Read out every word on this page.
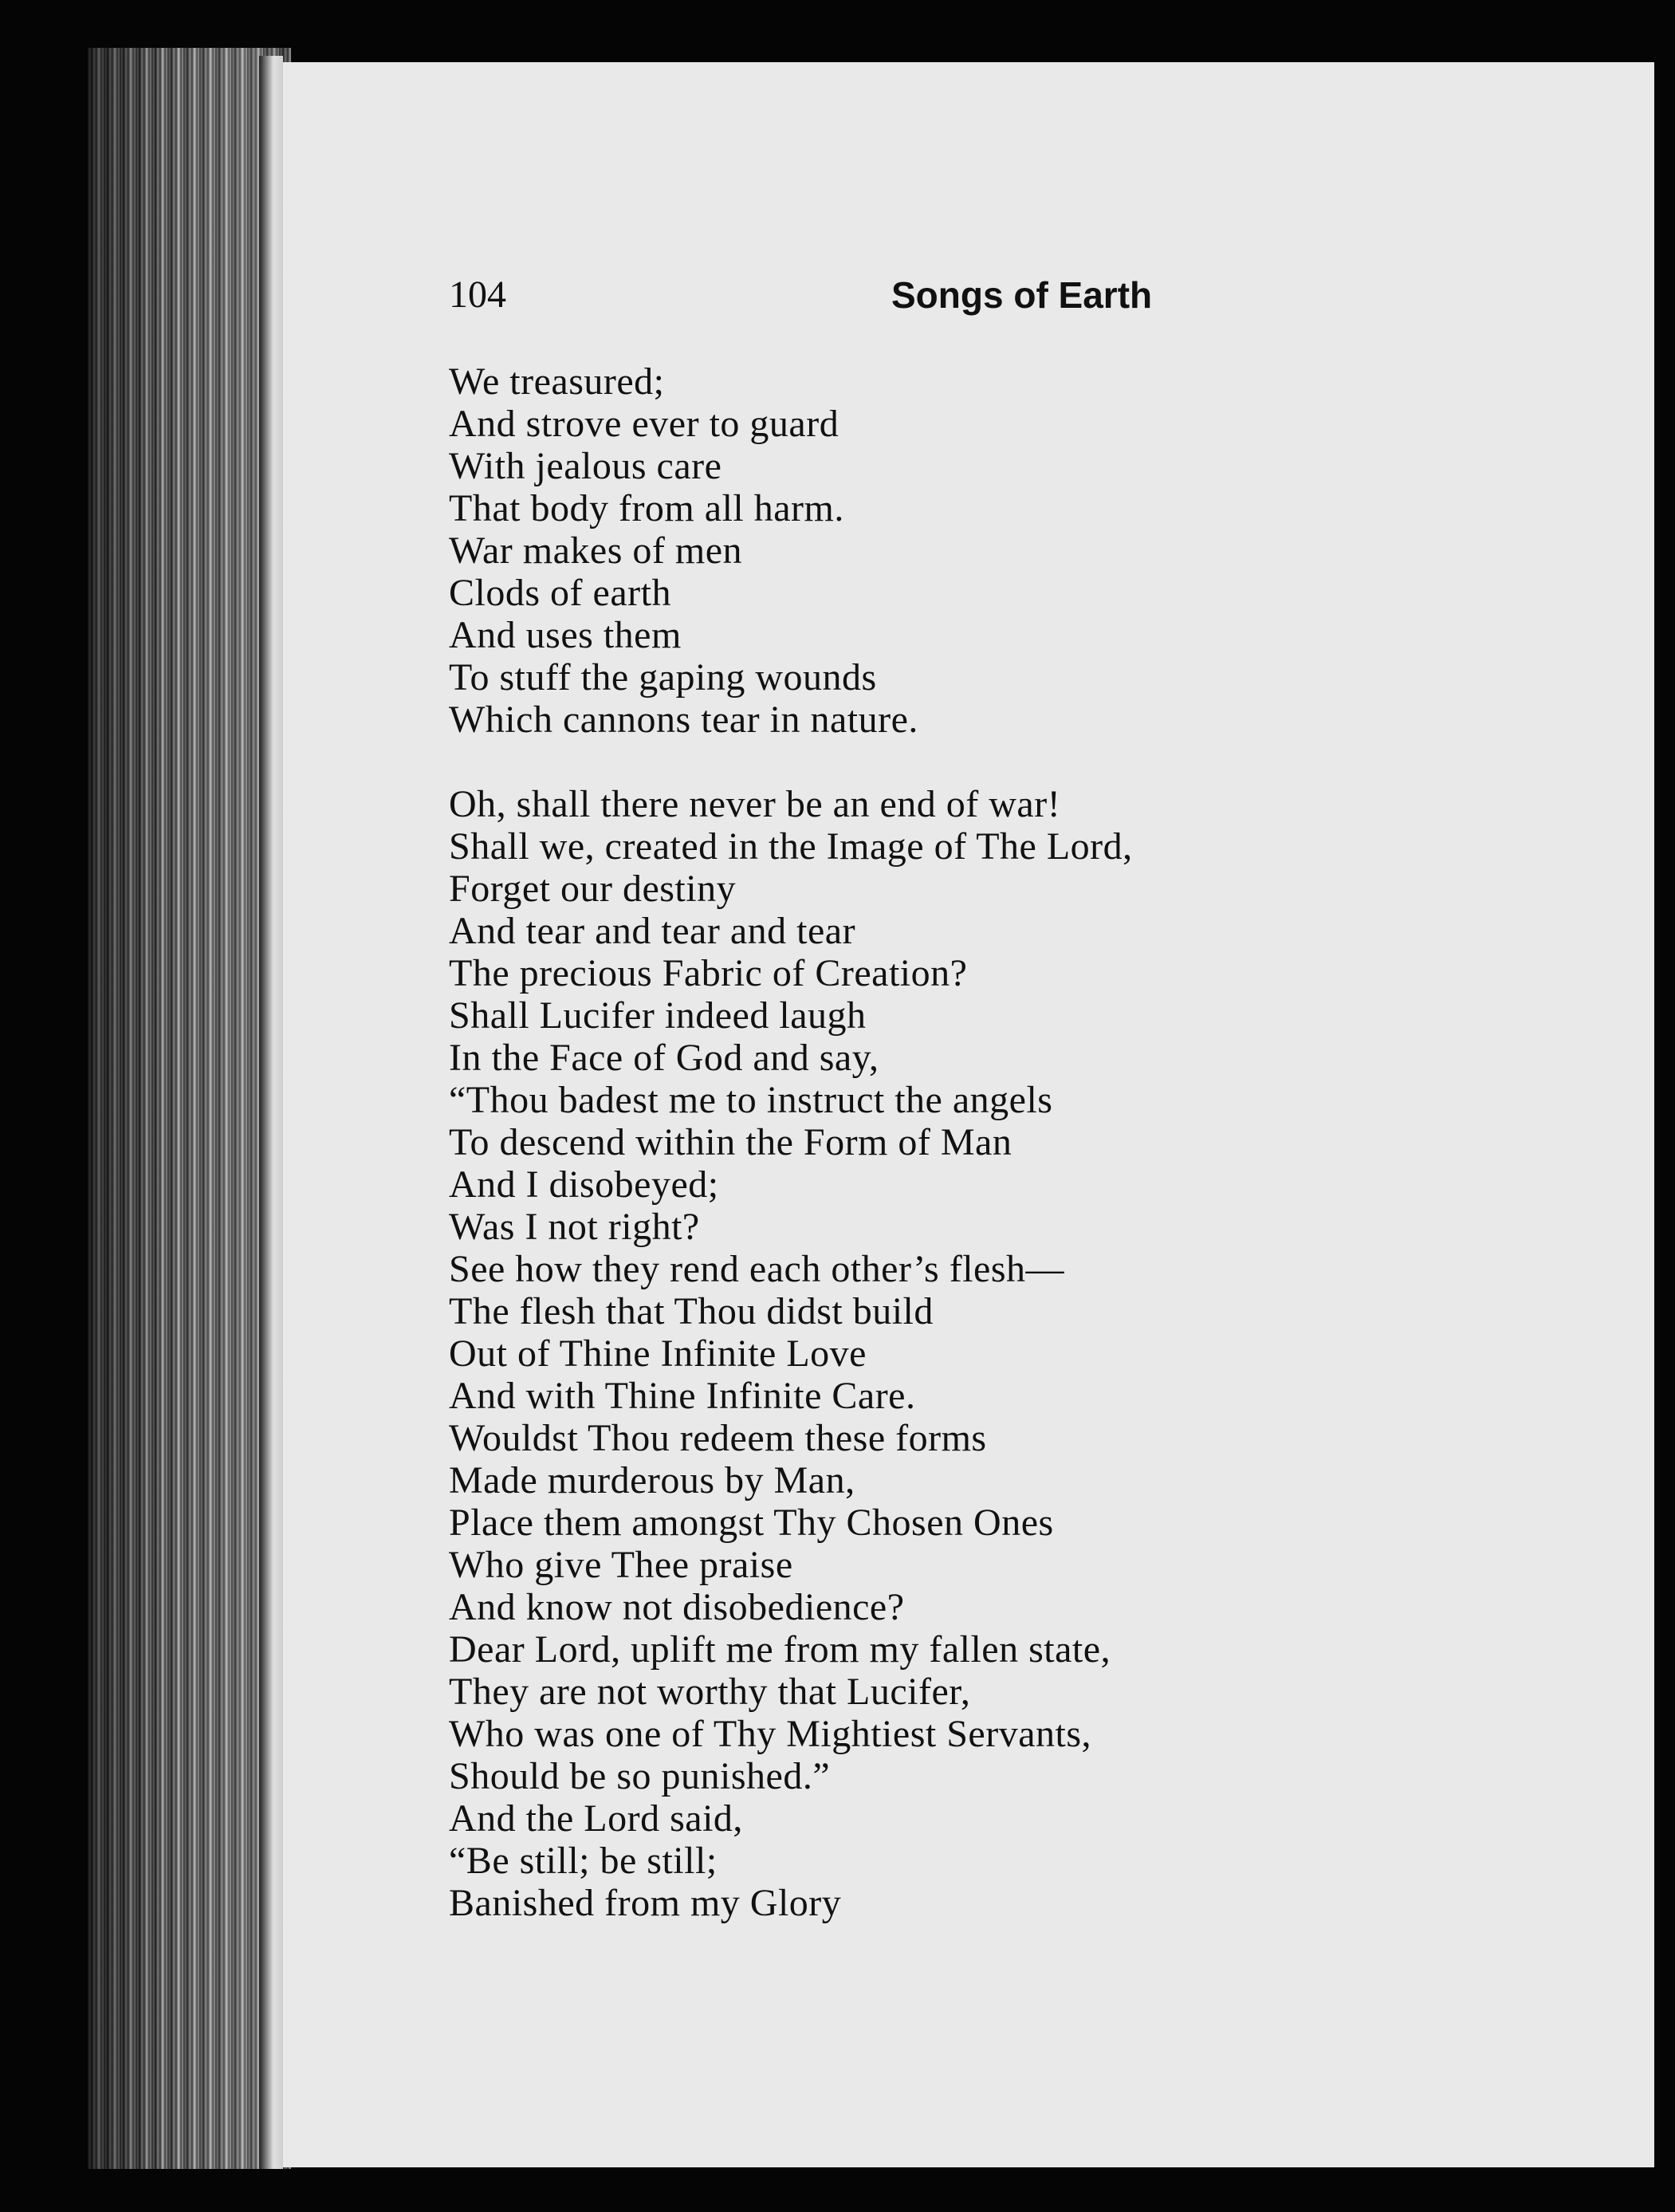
104	Songs of Earth
We treasured;
And strove ever to guard
With jealous care
That body from all harm.
War makes of men
Clods of earth
And uses them
To stuff the gaping wounds
Which cannons tear in nature.
Oh, shall there never be an end of war!
Shall we, created in the Image of The Lord,
Forget our destiny
And tear and tear and tear
The precious Fabric of Creation?
Shall Lucifer indeed laugh
In the Face of God and say,
“Thou badest me to instruct the angels
To descend within the Form of Man
And I disobeyed;
Was I not right?
See how they rend each other’s flesh—
The flesh that Thou didst build
Out of Thine Infinite Love
And with Thine Infinite Care.
Wouldst Thou redeem these forms
Made murderous by Man,
Place them amongst Thy Chosen Ones
Who give Thee praise
And know not disobedience?
Dear Lord, uplift me from my fallen state,
They are not worthy that Lucifer,
Who was one of Thy Mightiest Servants,
Should be so punished.”
And the Lord said,
“Be still; be still;
Banished from my Glory
